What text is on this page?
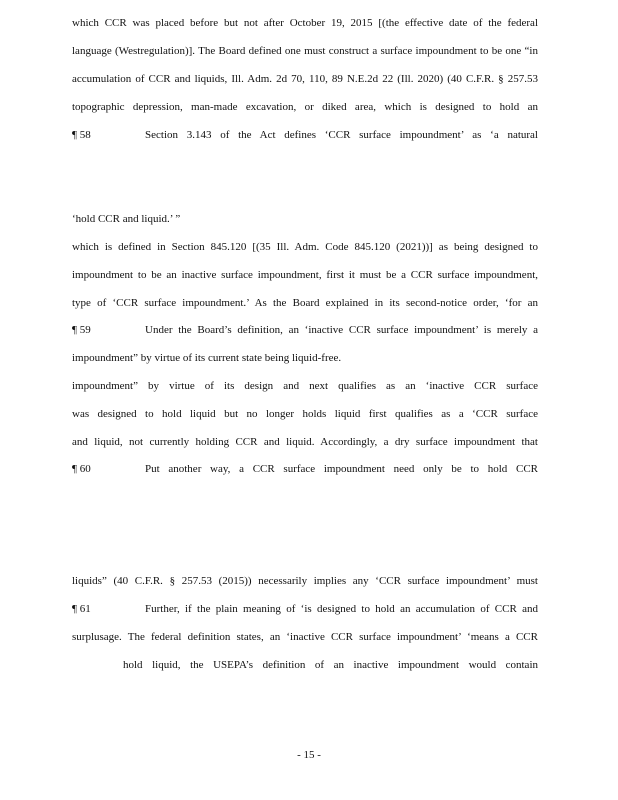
which CCR was placed before but not after October 19, 2015 [(the effective date of the federal
language (Westregulation)]. The Board defined one must construct a surface impoundment to be one “in
accumulation of CCR and liquids, Ill. Adm. 2d 70, 110, 89 N.E.2d 22 (Ill. 2020) (40 C.F.R. § 257.53
topographic depression, man-made excavation, or diked area, which is designed to hold an
¶ 58	Section 3.143 of the Act defines ‘CCR surface impoundment’ as ‘a natural
‘hold CCR and liquid.’ ”
which is defined in Section 845.120 [(35 Ill. Adm. Code 845.120 (2021))] as being designed to
impoundment to be an inactive surface impoundment, first it must be a CCR surface impoundment,
type of ‘CCR surface impoundment.’ As the Board explained in its second-notice order, ‘for an
¶ 59	Under the Board’s definition, an ‘inactive CCR surface impoundment’ is merely a
impoundment” by virtue of its current state being liquid-free.
impoundment” by virtue of its design and next qualifies as an ‘inactive CCR surface
was designed to hold liquid but no longer holds liquid first qualifies as a ‘CCR surface
and liquid, not currently holding CCR and liquid. Accordingly, a dry surface impoundment that
¶ 60	Put another way, a CCR surface impoundment need only be to hold CCR
liquids” (40 C.F.R. § 257.53 (2015)) necessarily implies any ‘CCR surface impoundment’ must
¶ 61	Further, if the plain meaning of ‘is designed to hold an accumulation of CCR and
surplusage. The federal definition states, an ‘inactive CCR surface impoundment’ ‘means a CCR
hold liquid, the USEPA’s definition of an inactive impoundment would contain
- 15 -
